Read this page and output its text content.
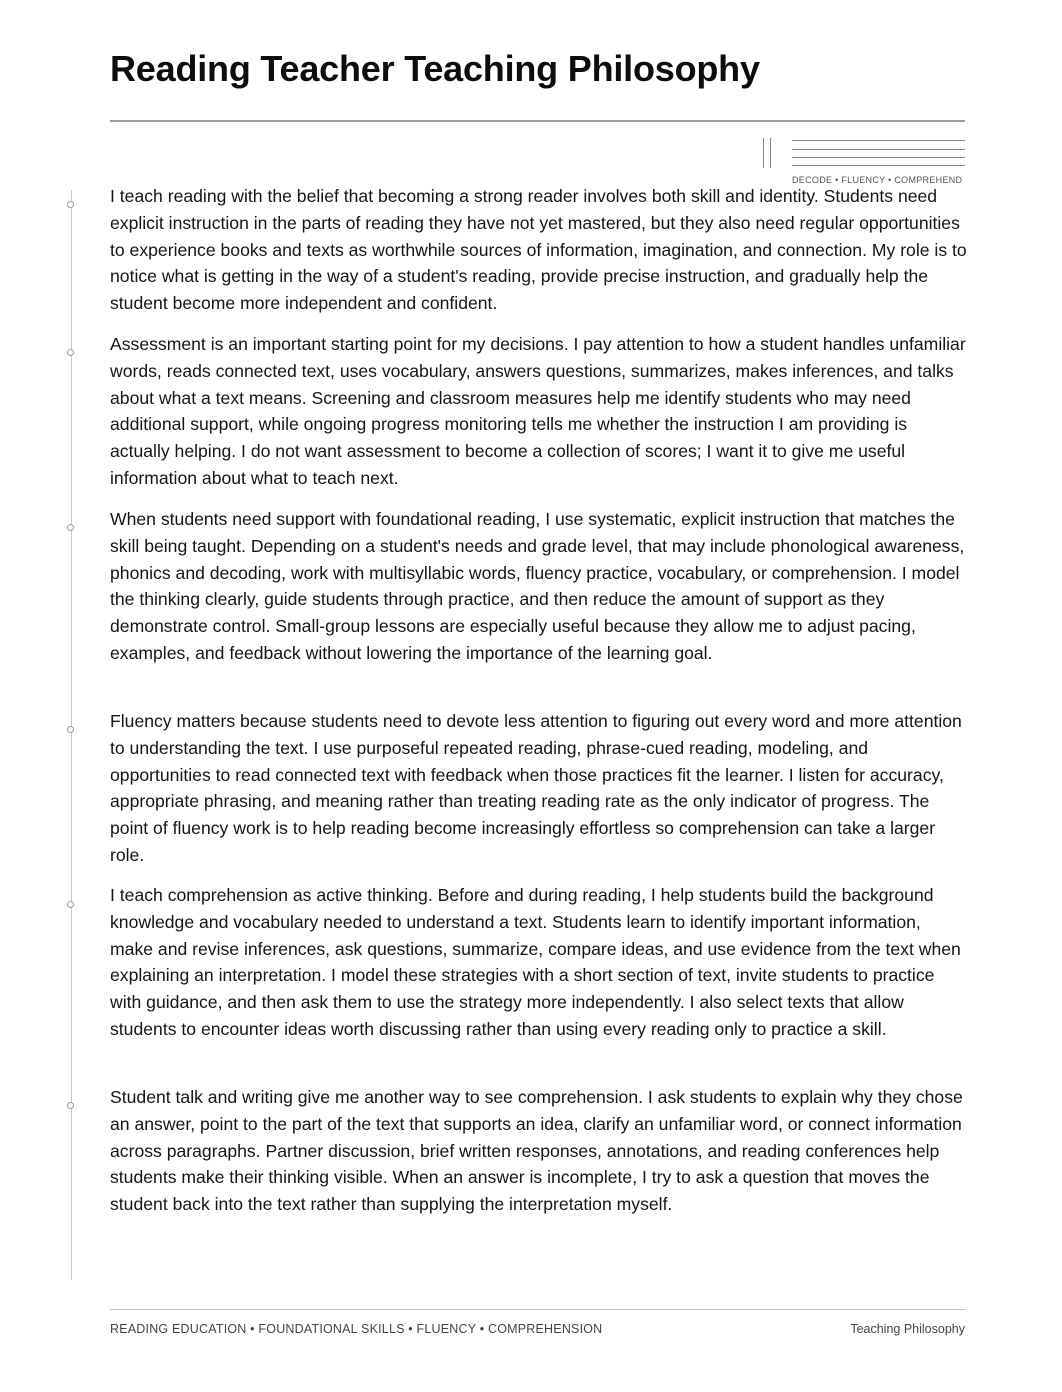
Reading Teacher Teaching Philosophy
DECODE • FLUENCY • COMPREHEND

I teach reading with the belief that becoming a strong reader involves both skill and identity. Students need explicit instruction in the parts of reading they have not yet mastered, but they also need regular opportunities to experience books and texts as worthwhile sources of information, imagination, and connection. My role is to notice what is getting in the way of a student's reading, provide precise instruction, and gradually help the student become more independent and confident.

Assessment is an important starting point for my decisions. I pay attention to how a student handles unfamiliar words, reads connected text, uses vocabulary, answers questions, summarizes, makes inferences, and talks about what a text means. Screening and classroom measures help me identify students who may need additional support, while ongoing progress monitoring tells me whether the instruction I am providing is actually helping. I do not want assessment to become a collection of scores; I want it to give me useful information about what to teach next.

When students need support with foundational reading, I use systematic, explicit instruction that matches the skill being taught. Depending on a student's needs and grade level, that may include phonological awareness, phonics and decoding, work with multisyllabic words, fluency practice, vocabulary, or comprehension. I model the thinking clearly, guide students through practice, and then reduce the amount of support as they demonstrate control. Small-group lessons are especially useful because they allow me to adjust pacing, examples, and feedback without lowering the importance of the learning goal.

Fluency matters because students need to devote less attention to figuring out every word and more attention to understanding the text. I use purposeful repeated reading, phrase-cued reading, modeling, and opportunities to read connected text with feedback when those practices fit the learner. I listen for accuracy, appropriate phrasing, and meaning rather than treating reading rate as the only indicator of progress. The point of fluency work is to help reading become increasingly effortless so comprehension can take a larger role.

I teach comprehension as active thinking. Before and during reading, I help students build the background knowledge and vocabulary needed to understand a text. Students learn to identify important information, make and revise inferences, ask questions, summarize, compare ideas, and use evidence from the text when explaining an interpretation. I model these strategies with a short section of text, invite students to practice with guidance, and then ask them to use the strategy more independently. I also select texts that allow students to encounter ideas worth discussing rather than using every reading only to practice a skill.

Student talk and writing give me another way to see comprehension. I ask students to explain why they chose an answer, point to the part of the text that supports an idea, clarify an unfamiliar word, or connect information across paragraphs. Partner discussion, brief written responses, annotations, and reading conferences help students make their thinking visible. When an answer is incomplete, I try to ask a question that moves the student back into the text rather than supplying the interpretation myself.

READING EDUCATION • FOUNDATIONAL SKILLS • FLUENCY • COMPREHENSION	Teaching Philosophy
